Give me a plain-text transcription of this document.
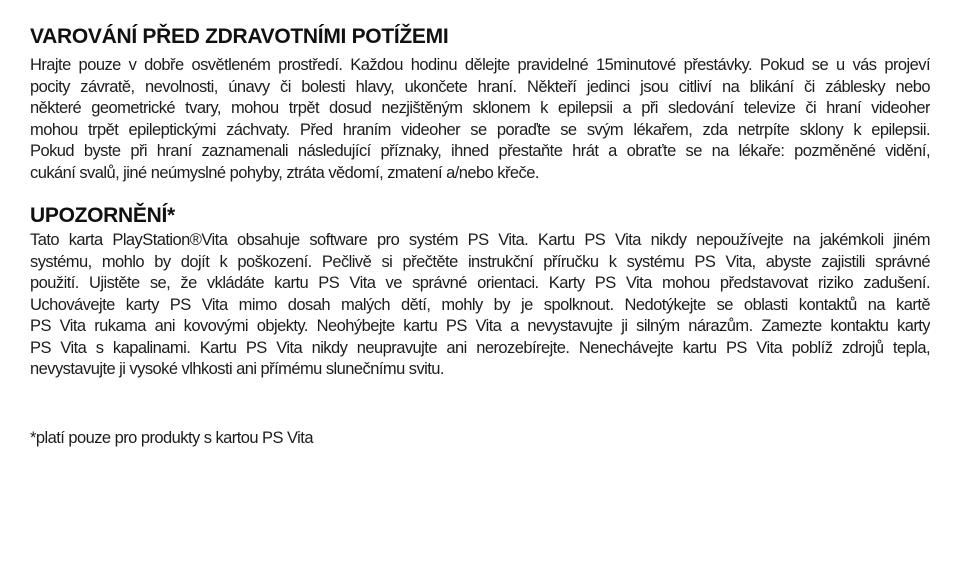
VAROVÁNÍ PŘED ZDRAVOTNÍMI POTÍŽEMI
Hrajte pouze v dobře osvětleném prostředí. Každou hodinu dělejte pravidelné 15minutové přestávky. Pokud se u vás projeví
pocity závratě, nevolnosti, únavy či bolesti hlavy, ukončete hraní. Někteří jedinci jsou citliví na blikání či záblesky nebo
některé geometrické tvary, mohou trpět dosud nezjištěným sklonem k epilepsii a při sledování televize či hraní videoher
mohou trpět epileptickými záchvaty. Před hraním videoher se poraďte se svým lékařem, zda netrpíte sklony k epilepsii.
Pokud byste při hraní zaznamenali následující příznaky, ihned přestaňte hrát a obraťte se na lékaře: pozměněné vidění,
cukání svalů, jiné neúmyslné pohyby, ztráta vědomí, zmatení a/nebo křeče.
UPOZORNĚNÍ*
Tato karta PlayStation®Vita obsahuje software pro systém PS Vita. Kartu PS Vita nikdy nepoužívejte na jakémkoli jiném
systému, mohlo by dojít k poškození. Pečlivě si přečtěte instrukční příručku k systému PS Vita, abyste zajistili správné
použití. Ujistěte se, že vkládáte kartu PS Vita ve správné orientaci. Karty PS Vita mohou představovat riziko zadušení.
Uchovávejte karty PS Vita mimo dosah malých dětí, mohly by je spolknout. Nedotýkejte se oblasti kontaktů na kartě
PS Vita rukama ani kovovými objekty. Neohýbejte kartu PS Vita a nevystavujte ji silným nárazům. Zamezte kontaktu karty
PS Vita s kapalinami. Kartu PS Vita nikdy neupravujte ani nerozebírejte. Nenechávejte kartu PS Vita poblíž zdrojů tepla,
nevystavujte ji vysoké vlhkosti ani přímému slunečnímu svitu.
*platí pouze pro produkty s kartou PS Vita
